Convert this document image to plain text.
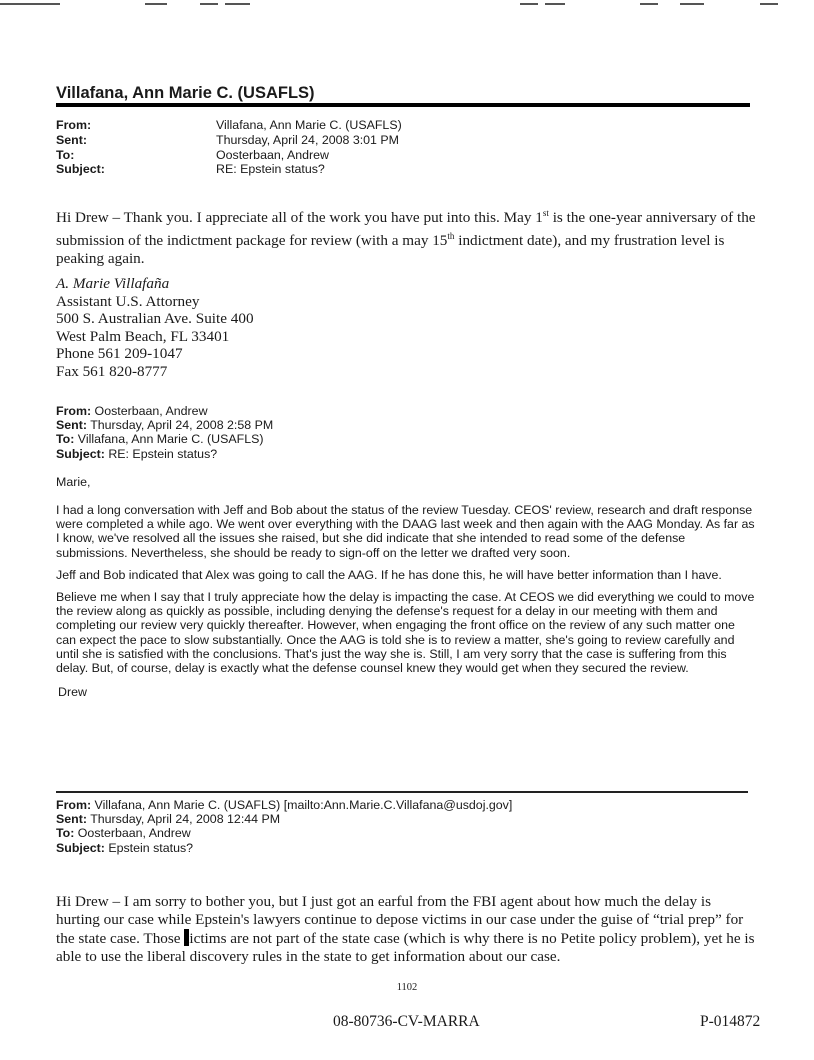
Villafana, Ann Marie C. (USAFLS)
From:	Villafana, Ann Marie C. (USAFLS)
Sent:	Thursday, April 24, 2008 3:01 PM
To:	Oosterbaan, Andrew
Subject:	RE: Epstein status?
Hi Drew – Thank you. I appreciate all of the work you have put into this. May 1st is the one-year anniversary of the submission of the indictment package for review (with a may 15th indictment date), and my frustration level is peaking again.
A. Marie Villafaña
Assistant U.S. Attorney
500 S. Australian Ave. Suite 400
West Palm Beach, FL 33401
Phone 561 209-1047
Fax 561 820-8777
From: Oosterbaan, Andrew
Sent: Thursday, April 24, 2008 2:58 PM
To: Villafana, Ann Marie C. (USAFLS)
Subject: RE: Epstein status?

Marie,

I had a long conversation with Jeff and Bob about the status of the review Tuesday. CEOS' review, research and draft response were completed a while ago. We went over everything with the DAAG last week and then again with the AAG Monday. As far as I know, we've resolved all the issues she raised, but she did indicate that she intended to read some of the defense submissions. Nevertheless, she should be ready to sign-off on the letter we drafted very soon.

Jeff and Bob indicated that Alex was going to call the AAG. If he has done this, he will have better information than I have.

Believe me when I say that I truly appreciate how the delay is impacting the case. At CEOS we did everything we could to move the review along as quickly as possible, including denying the defense's request for a delay in our meeting with them and completing our review very quickly thereafter. However, when engaging the front office on the review of any such matter one can expect the pace to slow substantially. Once the AAG is told she is to review a matter, she's going to review carefully and until she is satisfied with the conclusions. That's just the way she is. Still, I am very sorry that the case is suffering from this delay. But, of course, delay is exactly what the defense counsel knew they would get when they secured the review.

Drew

From: Villafana, Ann Marie C. (USAFLS) [mailto:Ann.Marie.C.Villafana@usdoj.gov]
Sent: Thursday, April 24, 2008 12:44 PM
To: Oosterbaan, Andrew
Subject: Epstein status?
Hi Drew – I am sorry to bother you, but I just got an earful from the FBI agent about how much the delay is hurting our case while Epstein's lawyers continue to depose victims in our case under the guise of “trial prep” for the state case. Those ictims are not part of the state case (which is why there is no Petite policy problem), yet he is able to use the liberal discovery rules in the state to get information about our case.
1102
08-80736-CV-MARRA	P-014872
